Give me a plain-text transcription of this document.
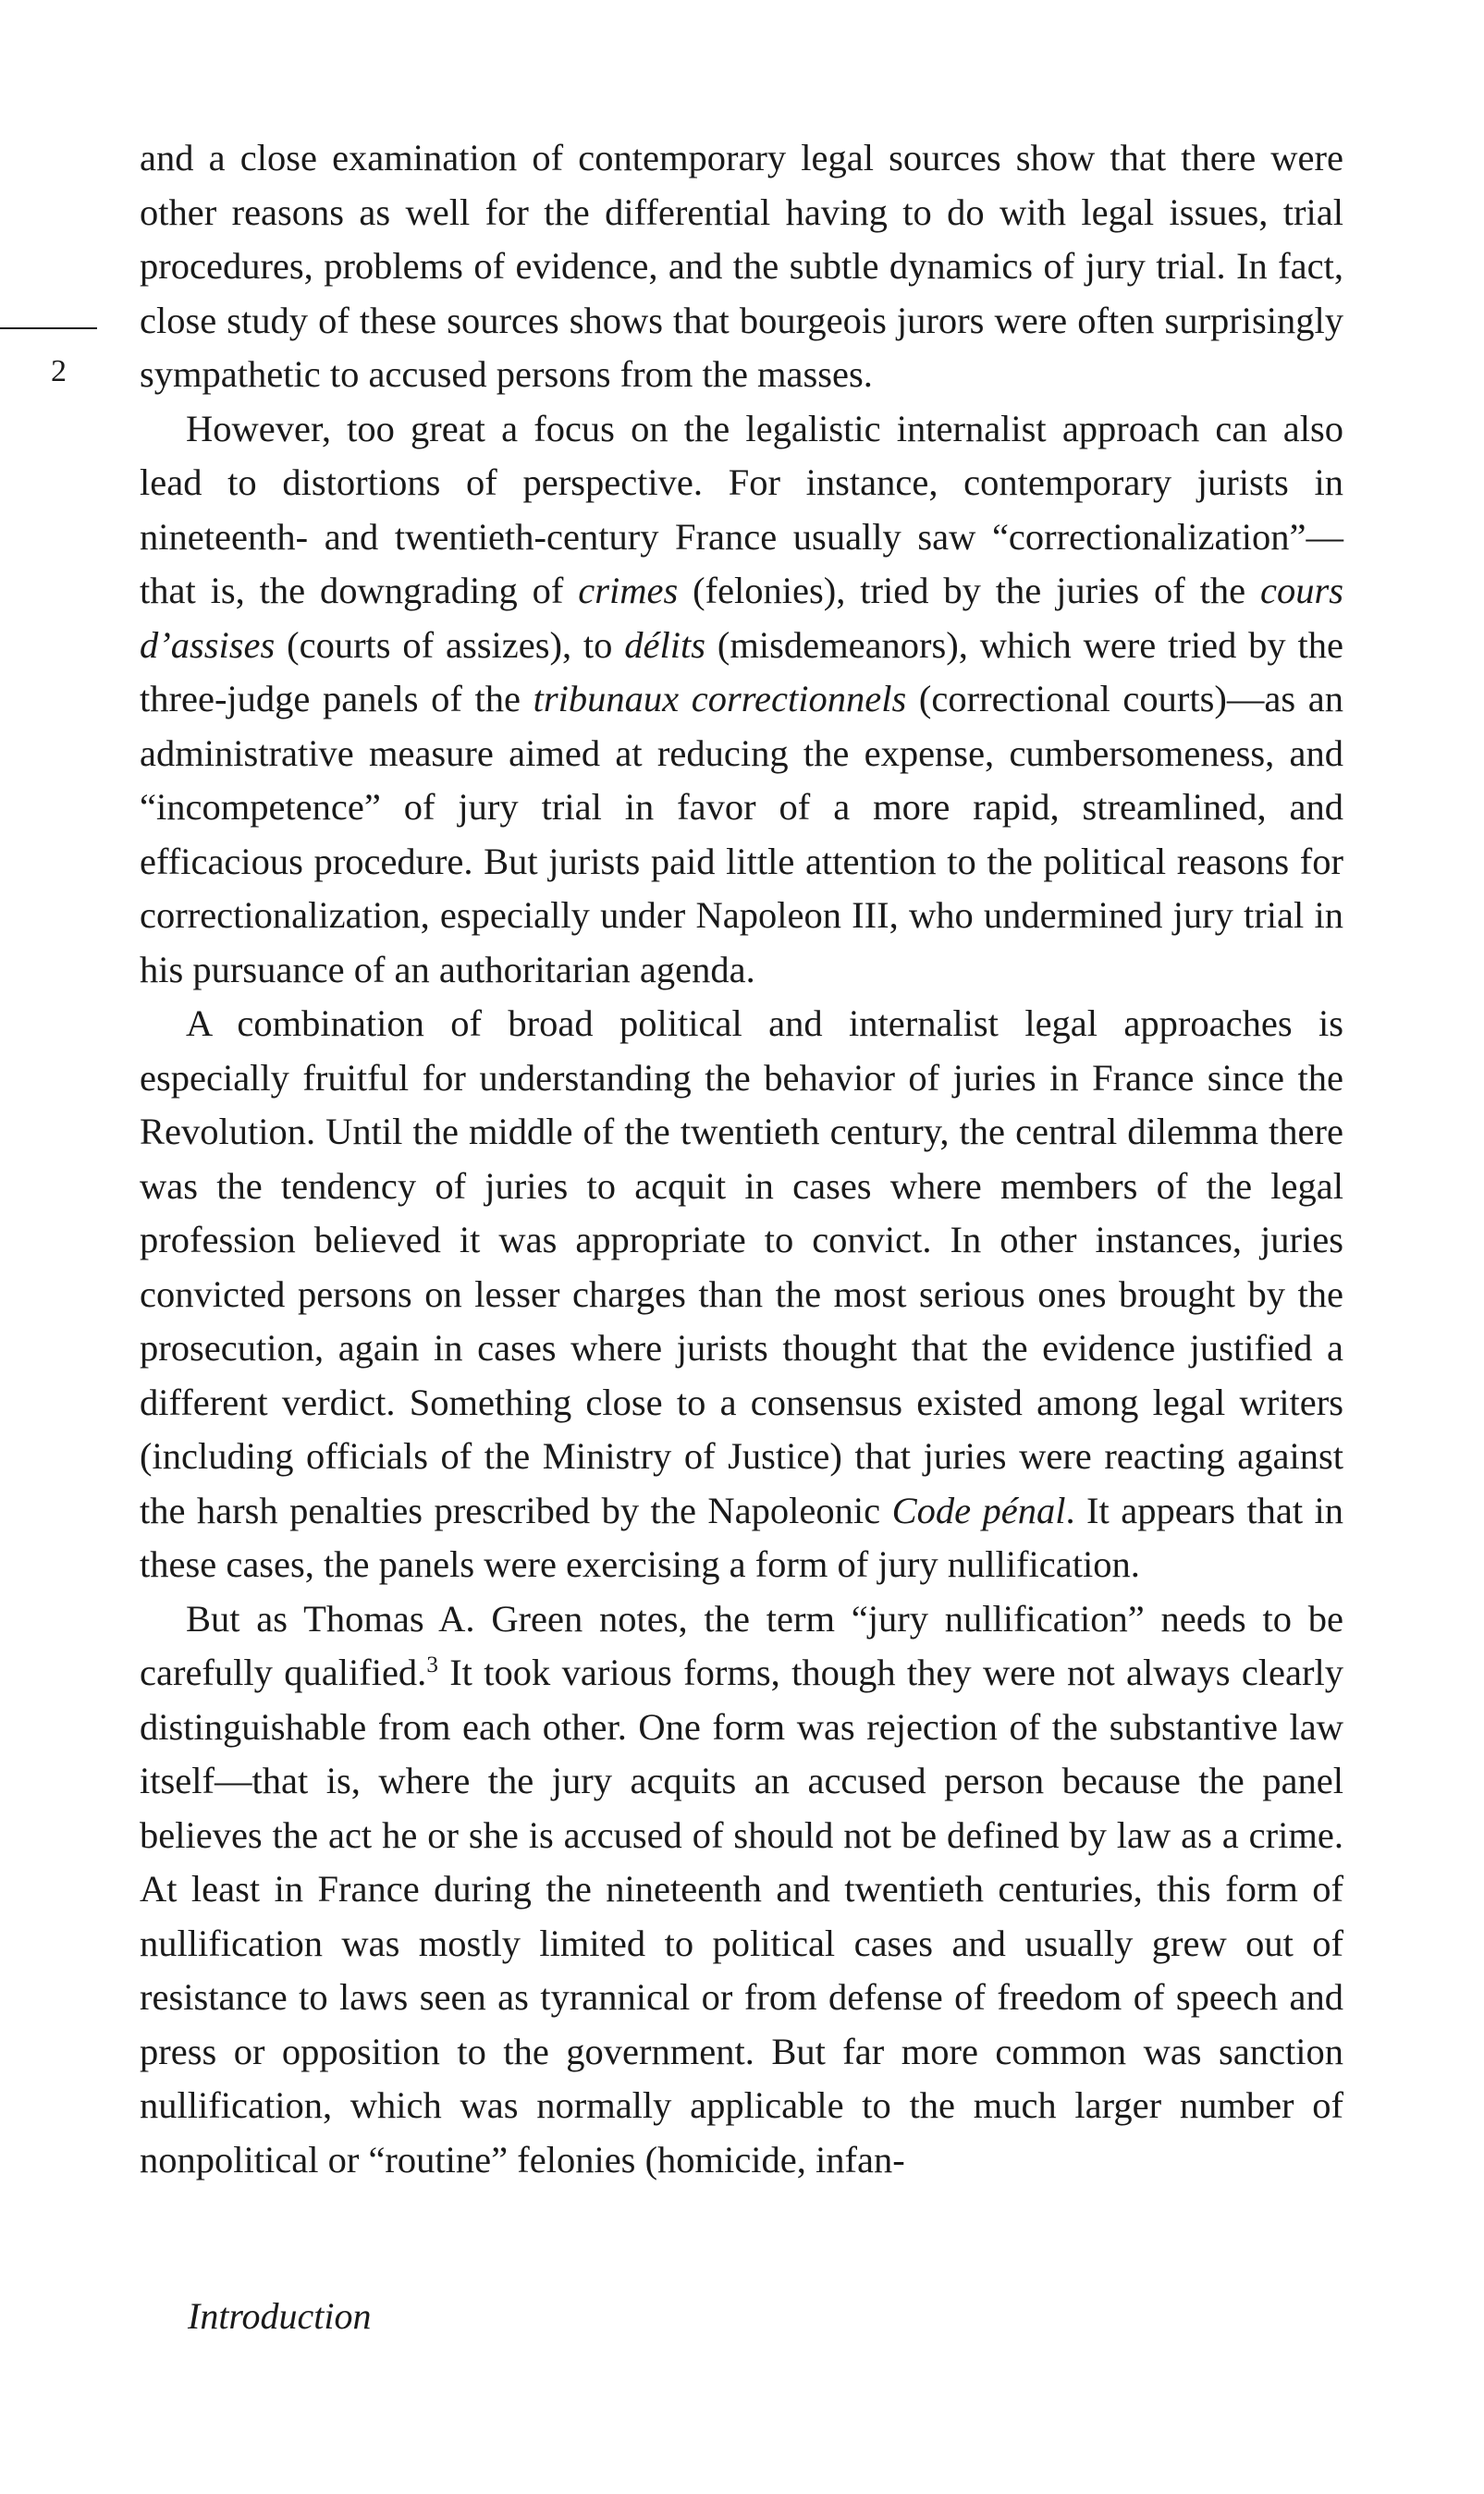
2

and a close examination of contemporary legal sources show that there were other reasons as well for the differential having to do with legal issues, trial procedures, problems of evidence, and the subtle dynamics of jury trial. In fact, close study of these sources shows that bourgeois jurors were often surprisingly sympathetic to accused persons from the masses.

However, too great a focus on the legalistic internalist approach can also lead to distortions of perspective. For instance, contemporary jurists in nineteenth- and twentieth-century France usually saw “correctionalization”— that is, the downgrading of crimes (felonies), tried by the juries of the cours d’assises (courts of assizes), to délits (misdemeanors), which were tried by the three-judge panels of the tribunaux correctionnels (correctional courts)—as an administrative measure aimed at reducing the expense, cumbersomeness, and “incompetence” of jury trial in favor of a more rapid, streamlined, and efficacious procedure. But jurists paid little attention to the political reasons for correctionalization, especially under Napoleon III, who undermined jury trial in his pursuance of an authoritarian agenda.

A combination of broad political and internalist legal approaches is especially fruitful for understanding the behavior of juries in France since the Revolution. Until the middle of the twentieth century, the central dilemma there was the tendency of juries to acquit in cases where members of the legal profession believed it was appropriate to convict. In other instances, juries convicted persons on lesser charges than the most serious ones brought by the prosecution, again in cases where jurists thought that the evidence justified a different verdict. Something close to a consensus existed among legal writers (including officials of the Ministry of Justice) that juries were reacting against the harsh penalties prescribed by the Napoleonic Code pénal. It appears that in these cases, the panels were exercising a form of jury nullification.

But as Thomas A. Green notes, the term “jury nullification” needs to be carefully qualified.$^3$ It took various forms, though they were not always clearly distinguishable from each other. One form was rejection of the substantive law itself—that is, where the jury acquits an accused person because the panel believes the act he or she is accused of should not be defined by law as a crime. At least in France during the nineteenth and twentieth centuries, this form of nullification was mostly limited to political cases and usually grew out of resistance to laws seen as tyrannical or from defense of freedom of speech and press or opposition to the government. But far more common was sanction nullification, which was normally applicable to the much larger number of nonpolitical or “routine” felonies (homicide, infan-

Introduction
